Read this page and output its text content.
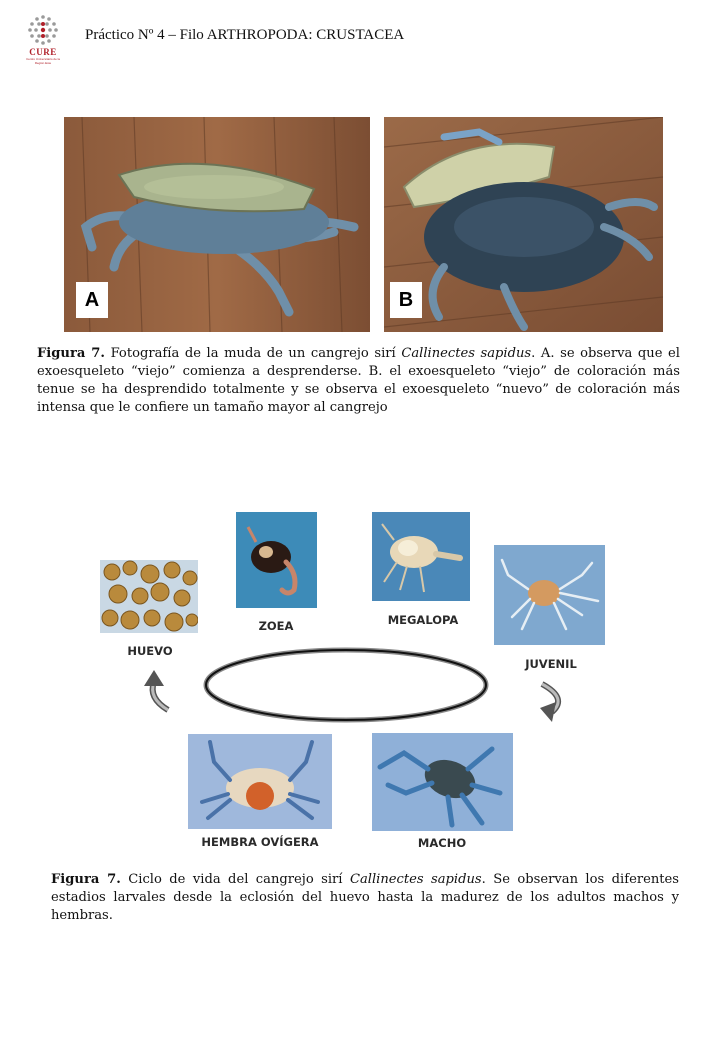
CURE
Centro Universitario de la Región Este
Práctico Nº 4 – Filo ARTHROPODA: CRUSTACEA
A	B
Figura 7. Fotografía de la muda de un cangrejo sirí Callinectes sapidus. A. se observa que el exoesqueleto “viejo” comienza a desprenderse. B. el exoesqueleto “viejo” de coloración más tenue se ha desprendido totalmente y se observa el exoesqueleto “nuevo” de coloración más intensa que le confiere un tamaño mayor al cangrejo
HUEVO
ZOEA	MEGALOPA
JUVENIL
HEMBRA OVÍGERA	MACHO
Figura 7. Ciclo de vida del cangrejo sirí Callinectes sapidus. Se observan los diferentes estadios larvales desde la eclosión del huevo hasta la madurez de los adultos machos y hembras.
